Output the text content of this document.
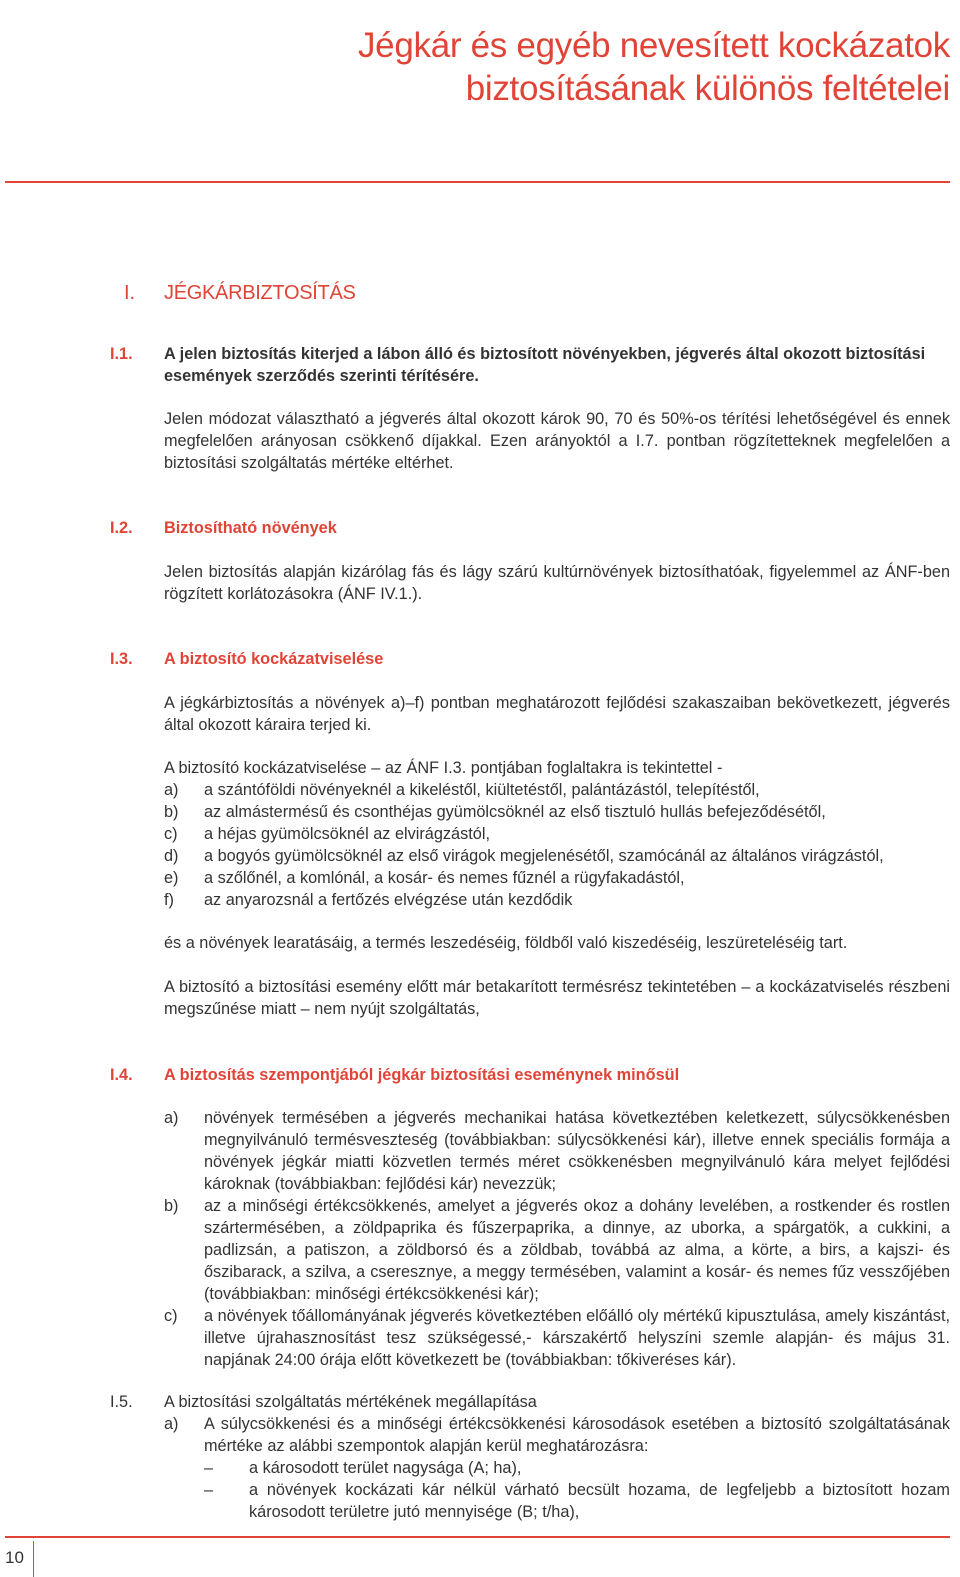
Jégkár és egyéb nevesített kockázatok
biztosításának különös feltételei
I. JÉGKÁRBIZTOSÍTÁS
I.1. A jelen biztosítás kiterjed a lábon álló és biztosított növényekben, jégverés által okozott biztosítási események szerződés szerinti térítésére.

Jelen módozat választható a jégverés által okozott károk 90, 70 és 50%-os térítési lehetőségével és ennek megfelelően arányosan csökkenő díjakkal. Ezen arányoktól a I.7. pontban rögzítetteknek megfelelően a biztosítási szolgáltatás mértéke eltérhet.

I.2. Biztosítható növények

Jelen biztosítás alapján kizárólag fás és lágy szárú kultúrnövények biztosíthatóak, figyelemmel az ÁNF-ben rögzített korlátozásokra (ÁNF IV.1.).

I.3. A biztosító kockázatviselése

A jégkárbiztosítás a növények a)–f) pontban meghatározott fejlődési szakaszaiban bekövetkezett, jégverés által okozott káraira terjed ki.

A biztosító kockázatviselése – az ÁNF I.3. pontjában foglaltakra is tekintettel -

a) a szántóföldi növényeknél a kikeléstől, kiültetéstől, palántázástól, telepítéstől,
b) az almástermésű és csonthéjas gyümölcsöknél az első tisztuló hullás befejeződésétől,
c) a héjas gyümölcsöknél az elvirágzástól,
d) a bogyós gyümölcsöknél az első virágok megjelenésétől, szamócánál az általános virágzástól,
e) a szőlőnél, a komlónál, a kosár- és nemes fűznél a rügyfakadástól,
f) az anyarozsnál a fertőzés elvégzése után kezdődik

és a növények learatásáig, a termés leszedéséig, földből való kiszedéséig, leszüreteléséig tart.

A biztosító a biztosítási esemény előtt már betakarított termésrész tekintetében – a kockázatviselés részbeni megszűnése miatt – nem nyújt szolgáltatás,

I.4. A biztosítás szempontjából jégkár biztosítási eseménynek minősül

a) növények termésében a jégverés mechanikai hatása következtében keletkezett, súlycsökkenésben megnyilvánuló termésveszteség (továbbiakban: súlycsökkenési kár), illetve ennek speciális formája a növények jégkár miatti közvetlen termés méret csökkenésben megnyilvánuló kára melyet fejlődési károknak (továbbiakban: fejlődési kár) nevezzük;
b) az a minőségi értékcsökkenés, amelyet a jégverés okoz a dohány levelében, a rostkender és rostlen szártermésében, a zöldpaprika és fűszerpaprika, a dinnye, az uborka, a spárgatök, a cukkini, a padlizsán, a patiszon, a zöldborsó és a zöldbab, továbbá az alma, a körte, a birs, a kajszi- és őszibarack, a szilva, a cseresznye, a meggy termésében, valamint a kosár- és nemes fűz vesszőjében (továbbiakban: minőségi értékcsökkenési kár);
c) a növények tőállományának jégverés következtében előálló oly mértékű kipusztulása, amely kiszántást, illetve újrahasznosítást tesz szükségessé,- kárszakértő helyszíni szemle alapján- és május 31. napjának 24:00 órája előtt következett be (továbbiakban: tőkiveréses kár).
I.5. A biztosítási szolgáltatás mértékének megállapítása

a) A súlycsökkenési és a minőségi értékcsökkenési károsodások esetében a biztosító szolgáltatásának mértéke az alábbi szempontok alapján kerül meghatározásra:
– a károsodott terület nagysága (A; ha),
– a növények kockázati kár nélkül várható becsült hozama, de legfeljebb a biztosított hozam károsodott területre jutó mennyisége (B; t/ha),
10
